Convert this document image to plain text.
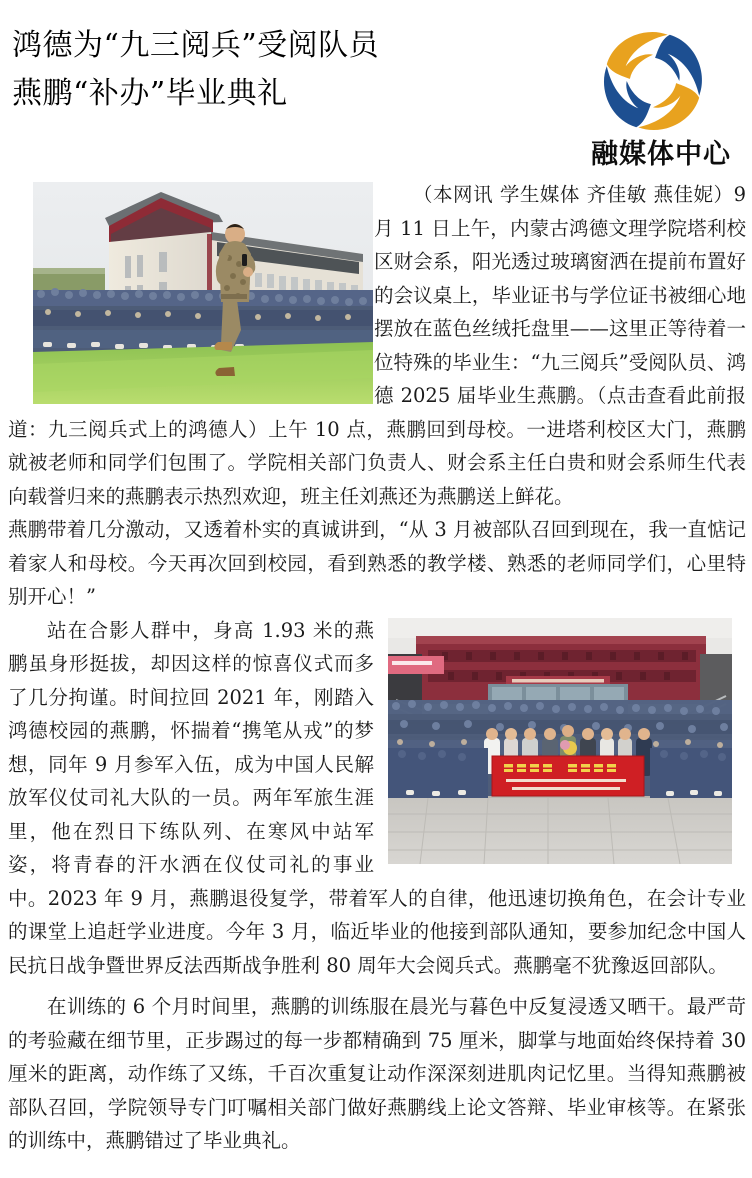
鸿德为“九三阅兵”受阅队员
燕鹏“补办”毕业典礼
融媒体中心

（本网讯 学生媒体 齐佳敏 燕佳妮）9 月 11 日上午，内蒙古鸿德文理学院塔利校区财会系，阳光透过玻璃窗洒在提前布置好的会议桌上，毕业证书与学位证书被细心地摆放在蓝色丝绒托盘里——这里正等待着一位特殊的毕业生：“九三阅兵”受阅队员、鸿德 2025 届毕业生燕鹏。（点击查看此前报道：九三阅兵式上的鸿德人）上午 10 点，燕鹏回到母校。一进塔利校区大门，燕鹏就被老师和同学们包围了。学院相关部门负责人、财会系主任白贵和财会系师生代表向载誉归来的燕鹏表示热烈欢迎，班主任刘燕还为燕鹏送上鲜花。

燕鹏带着几分激动，又透着朴实的真诚讲到，“从 3 月被部队召回到现在，我一直惦记着家人和母校。今天再次回到校园，看到熟悉的教学楼、熟悉的老师同学们，心里特别开心！”

站在合影人群中，身高 1.93 米的燕鹏虽身形挺拔，却因这样的惊喜仪式而多了几分拘谨。时间拉回 2021 年，刚踏入鸿德校园的燕鹏，怀揣着“携笔从戎”的梦想，同年 9 月参军入伍，成为中国人民解放军仪仗司礼大队的一员。两年军旅生涯里，他在烈日下练队列、在寒风中站军姿，将青春的汗水洒在仪仗司礼的事业中。2023 年 9 月，燕鹏退役复学，带着军人的自律，他迅速切换角色，在会计专业的课堂上追赶学业进度。今年 3 月，临近毕业的他接到部队通知，要参加纪念中国人民抗日战争暨世界反法西斯战争胜利 80 周年大会阅兵式。燕鹏毫不犹豫返回部队。

在训练的 6 个月时间里，燕鹏的训练服在晨光与暮色中反复浸透又晒干。最严苛的考验藏在细节里，正步踢过的每一步都精确到 75 厘米，脚掌与地面始终保持着 30 厘米的距离，动作练了又练，千百次重复让动作深深刻进肌肉记忆里。当得知燕鹏被部队召回，学院领导专门叮嘱相关部门做好燕鹏线上论文答辩、毕业审核等。在紧张的训练中，燕鹏错过了毕业典礼。
